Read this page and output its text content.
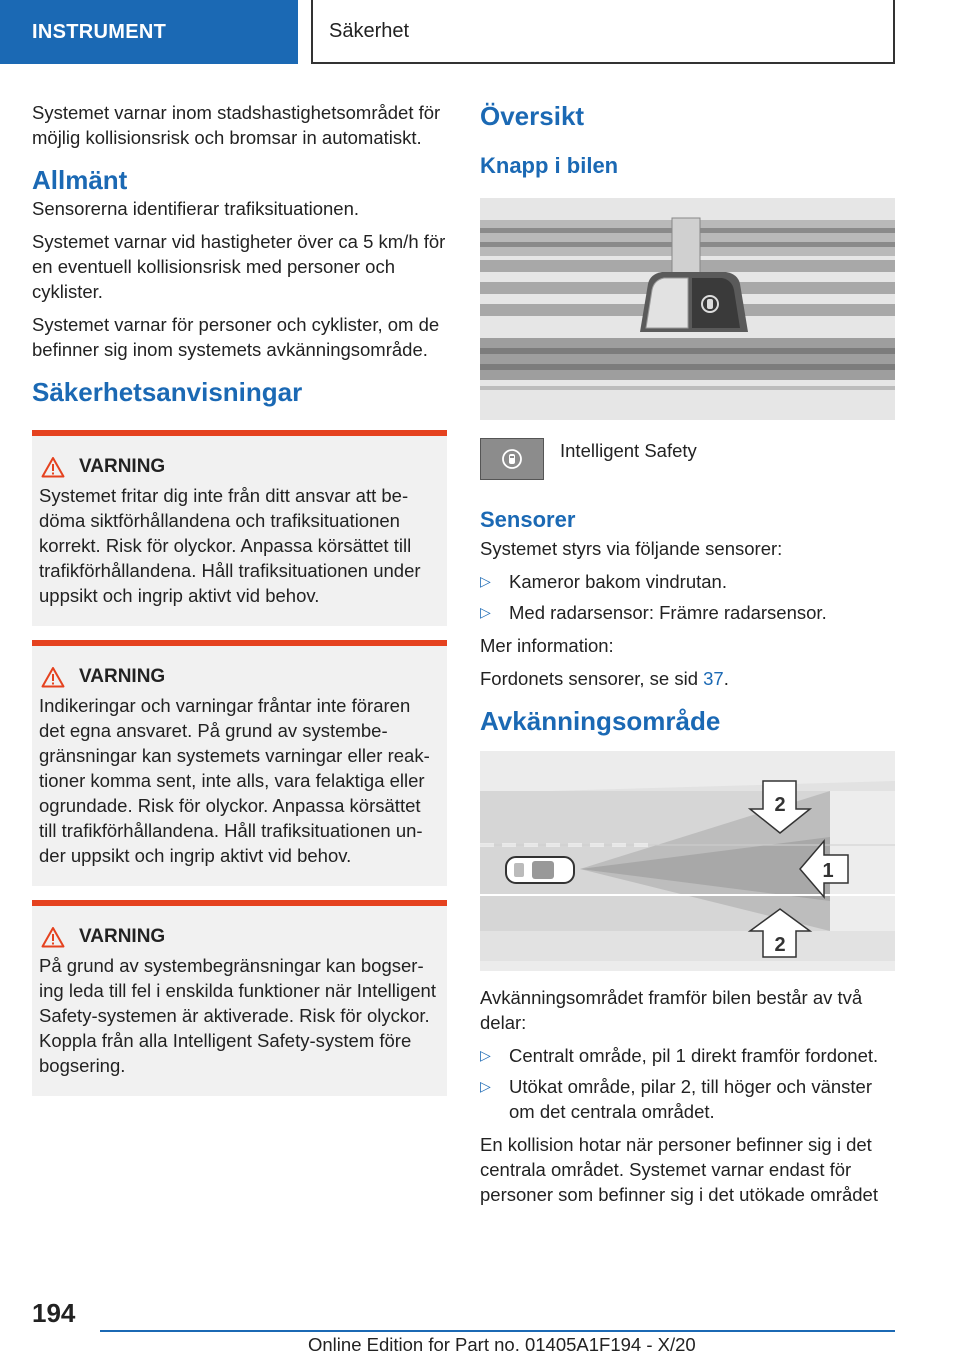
INSTRUMENT	Säkerhet

Systemet varnar inom stadshastighetsområdet för möjlig kollisionsrisk och bromsar in automatiskt.

Allmänt

Sensorerna identifierar trafiksituationen.

Systemet varnar vid hastigheter över ca 5 km/h för en eventuell kollisionsrisk med personer och cyklister.

Systemet varnar för personer och cyklister, om de befinner sig inom systemets avkänningsområde.

Säkerhetsanvisningar
VARNING
Systemet fritar dig inte från ditt ansvar att bedöma siktförhållandena och trafiksituationen korrekt. Risk för olyckor. Anpassa körsättet till trafikförhållandena. Håll trafiksituationen under uppsikt och ingrip aktivt vid behov.
VARNING
Indikeringar och varningar fråntar inte föraren det egna ansvaret. På grund av systembegränsningar kan systemets varningar eller reaktioner komma sent, inte alls, vara felaktiga eller ogrundade. Risk för olyckor. Anpassa körsättet till trafikförhållandena. Håll trafiksituationen under uppsikt och ingrip aktivt vid behov.
VARNING
På grund av systembegränsningar kan bogsering leda till fel i enskilda funktioner när Intelligent Safety-systemen är aktiverade. Risk för olyckor. Koppla från alla Intelligent Safety-system före bogsering.
Översikt
Knapp i bilen
Intelligent Safety
Sensorer

Systemet styrs via följande sensorer:

▷ Kameror bakom vindrutan.
▷ Med radarsensor: Främre radarsensor.

Mer information:

Fordonets sensorer, se sid 37.

Avkänningsområde
2
1
2

Avkänningsområdet framför bilen består av två delar:

▷ Centralt område, pil 1 direkt framför fordonet.
▷ Utökat område, pilar 2, till höger och vänster om det centrala området.

En kollision hotar när personer befinner sig i det centrala området. Systemet varnar endast för personer som befinner sig i det utökade området

194
Online Edition for Part no. 01405A1F194 - X/20
